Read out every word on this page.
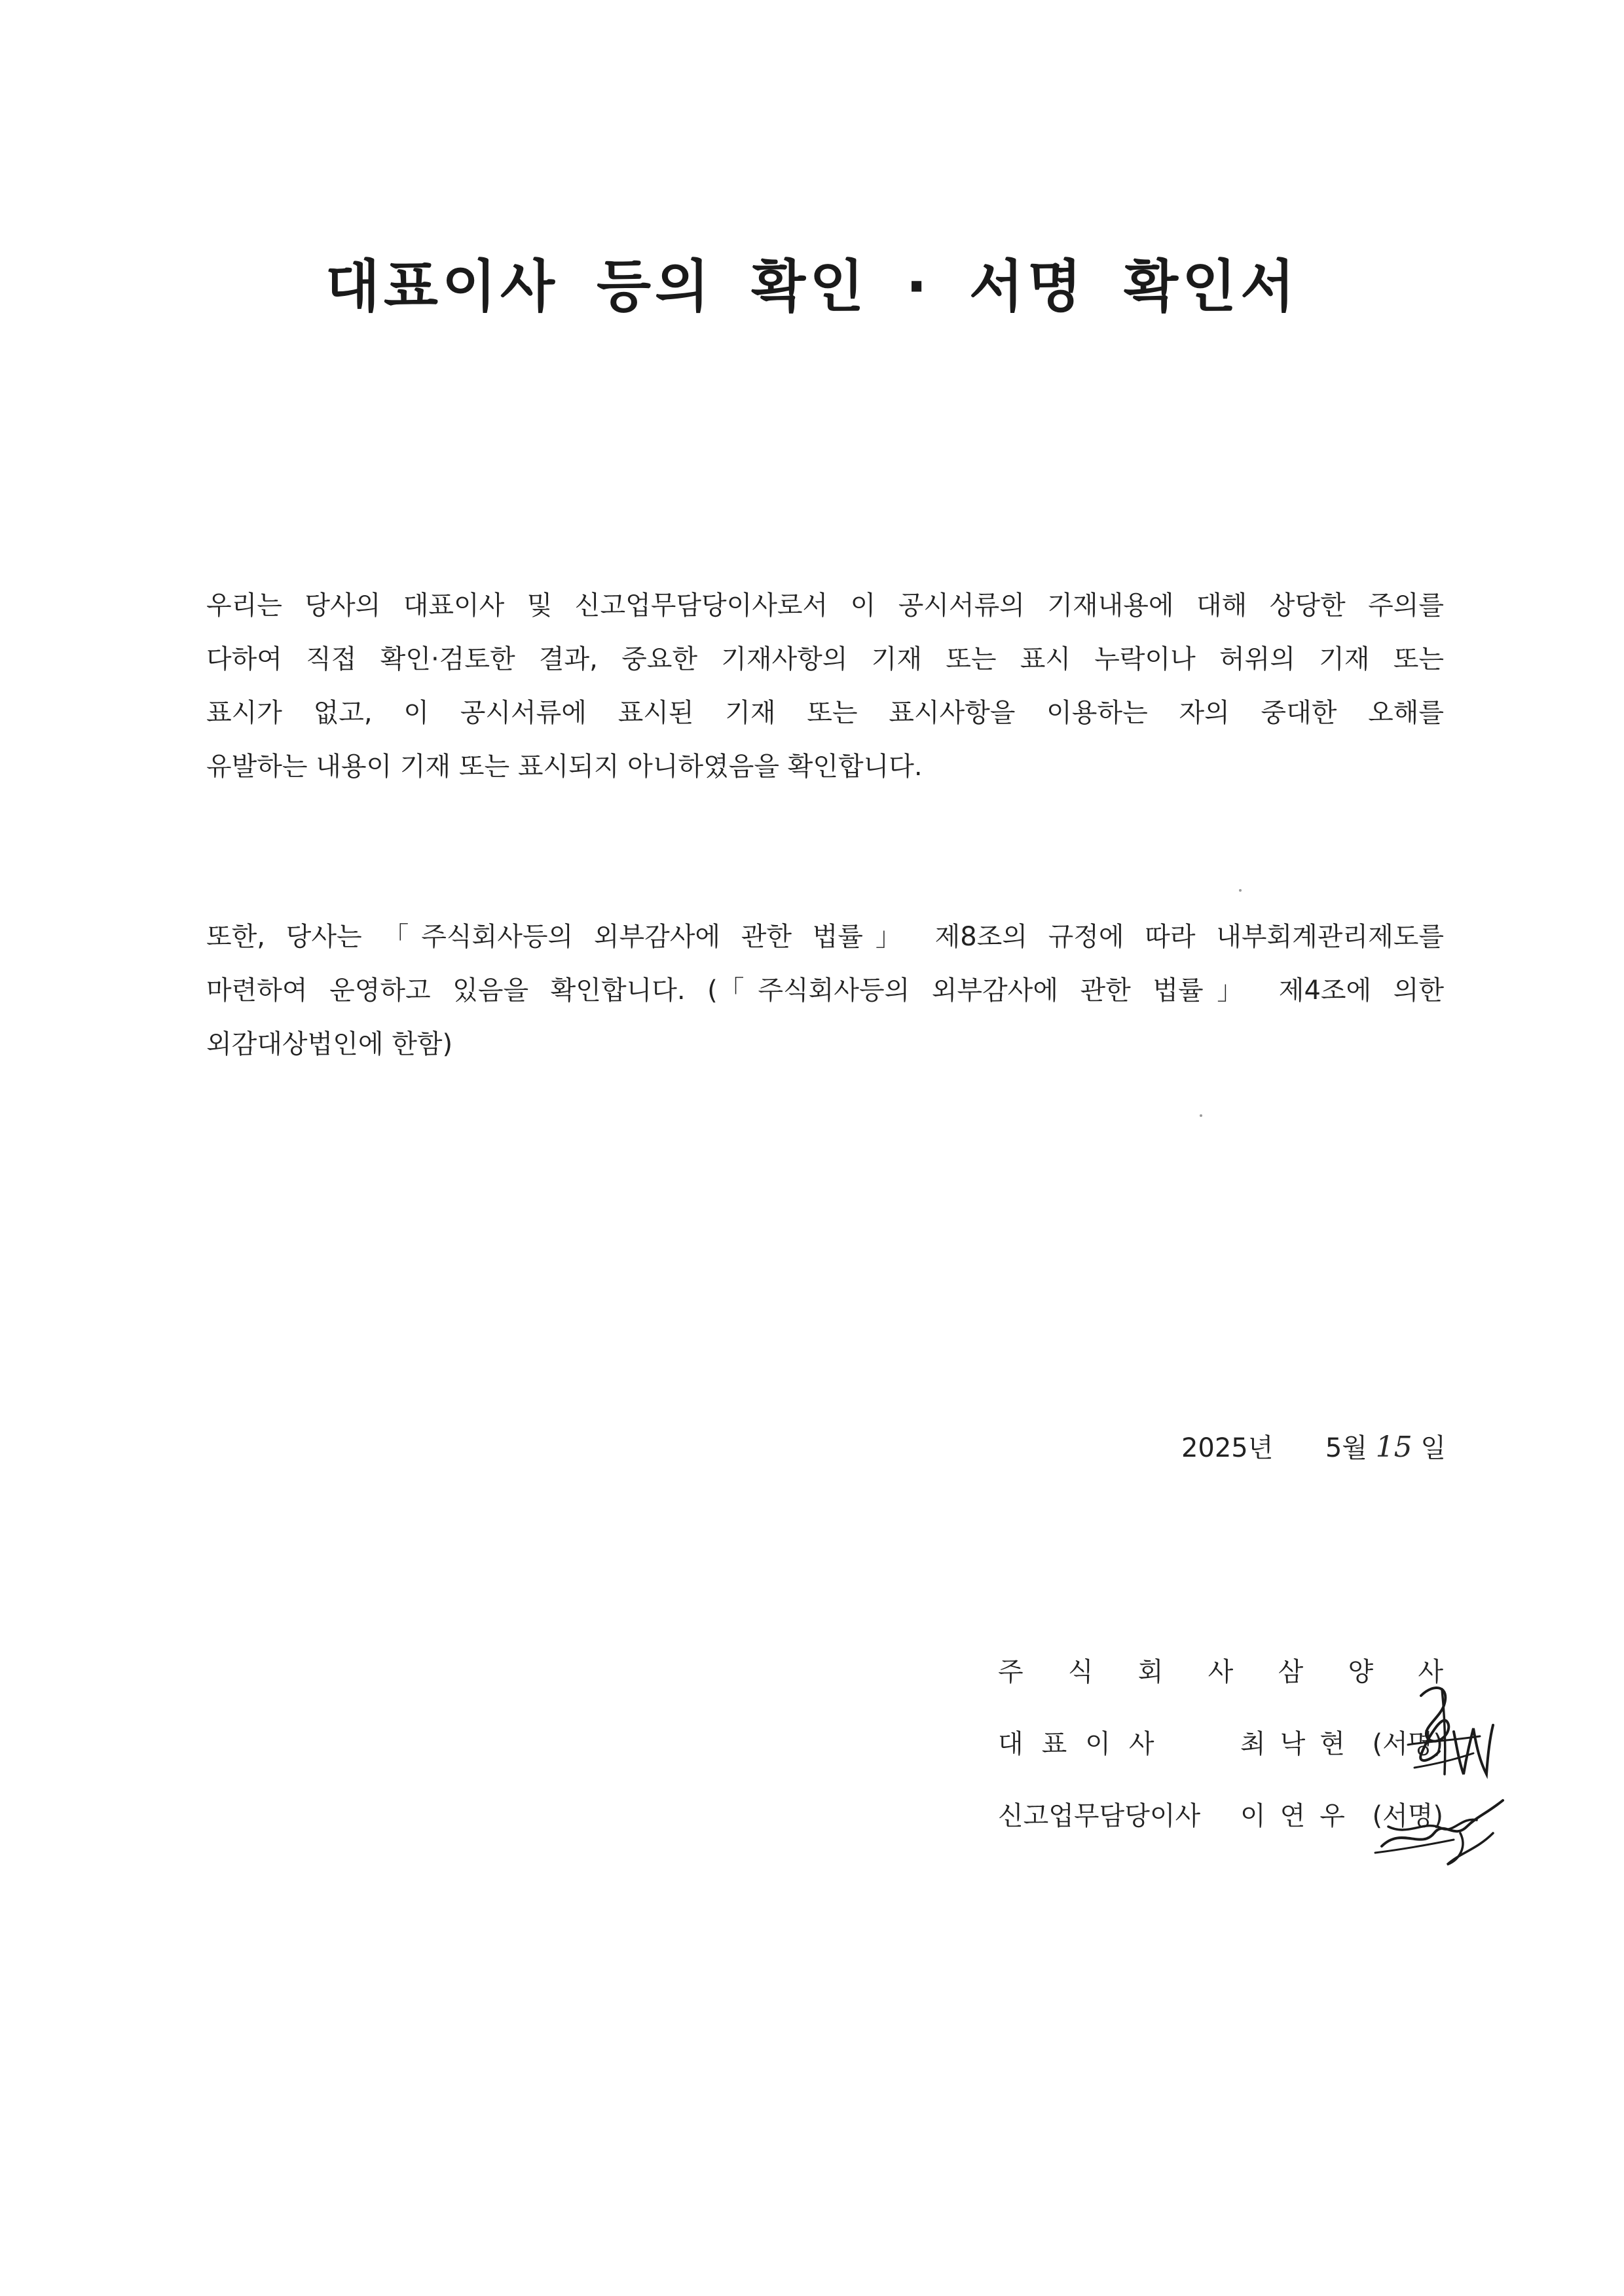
대표이사 등의 확인 · 서명 확인서
우리는 당사의 대표이사 및 신고업무담당이사로서 이 공시서류의 기재내용에 대해 상당한 주의를
다하여 직접 확인·검토한 결과, 중요한 기재사항의 기재 또는 표시 누락이나 허위의 기재 또는
표시가 없고, 이 공시서류에 표시된 기재 또는 표시사항을 이용하는 자의 중대한 오해를
유발하는 내용이 기재 또는 표시되지 아니하였음을 확인합니다.
또한, 당사는 「주식회사등의 외부감사에 관한 법률」 제8조의 규정에 따라 내부회계관리제도를
마련하여 운영하고 있음을 확인합니다. (「주식회사등의 외부감사에 관한 법률」 제4조에 의한
외감대상법인에 한함)
2025년 5월 15 일
주 식 회 사 삼 양 사
대표이사	최낙현 (서명)
신고업무담당이사 이연우 (서명)
